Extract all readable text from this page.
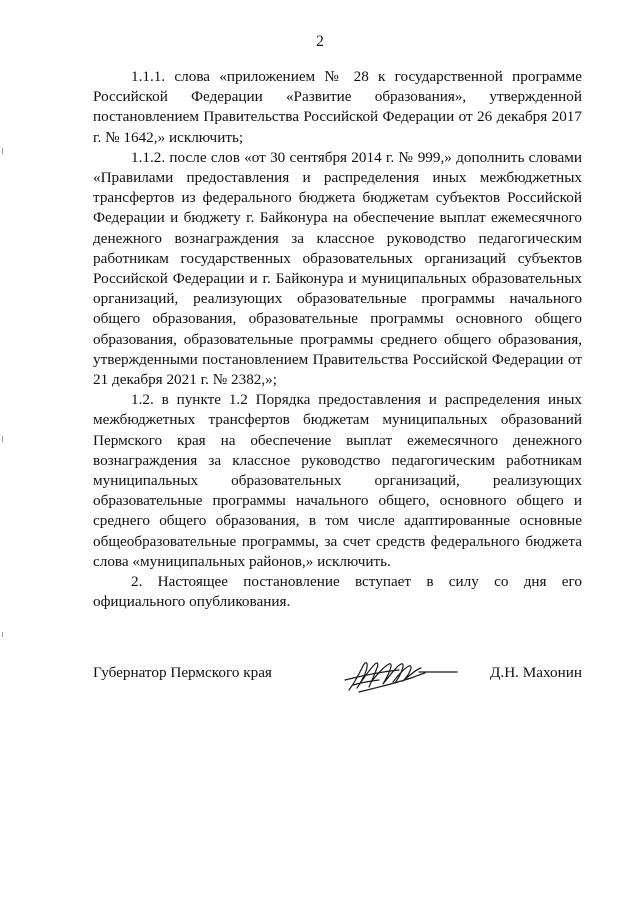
2

1.1.1. слова «приложением № 28 к государственной программе Российской Федерации «Развитие образования», утвержденной постановлением Правительства Российской Федерации от 26 декабря 2017 г. № 1642,» исключить;

1.1.2. после слов «от 30 сентября 2014 г. № 999,» дополнить словами «Правилами предоставления и распределения иных межбюджетных трансфертов из федерального бюджета бюджетам субъектов Российской Федерации и бюджету г. Байконура на обеспечение выплат ежемесячного денежного вознаграждения за классное руководство педагогическим работникам государственных образовательных организаций субъектов Российской Федерации и г. Байконура и муниципальных образовательных организаций, реализующих образовательные программы начального общего образования, образовательные программы основного общего образования, образовательные программы среднего общего образования, утвержденными постановлением Правительства Российской Федерации от 21 декабря 2021 г. № 2382,»;

1.2. в пункте 1.2 Порядка предоставления и распределения иных межбюджетных трансфертов бюджетам муниципальных образований Пермского края на обеспечение выплат ежемесячного денежного вознаграждения за классное руководство педагогическим работникам муниципальных образовательных организаций, реализующих образовательные программы начального общего, основного общего и среднего общего образования, в том числе адаптированные основные общеобразовательные программы, за счет средств федерального бюджета слова «муниципальных районов,» исключить.

2. Настоящее постановление вступает в силу со дня его официального опубликования.

Губернатор Пермского края	Д.Н. Махонин
